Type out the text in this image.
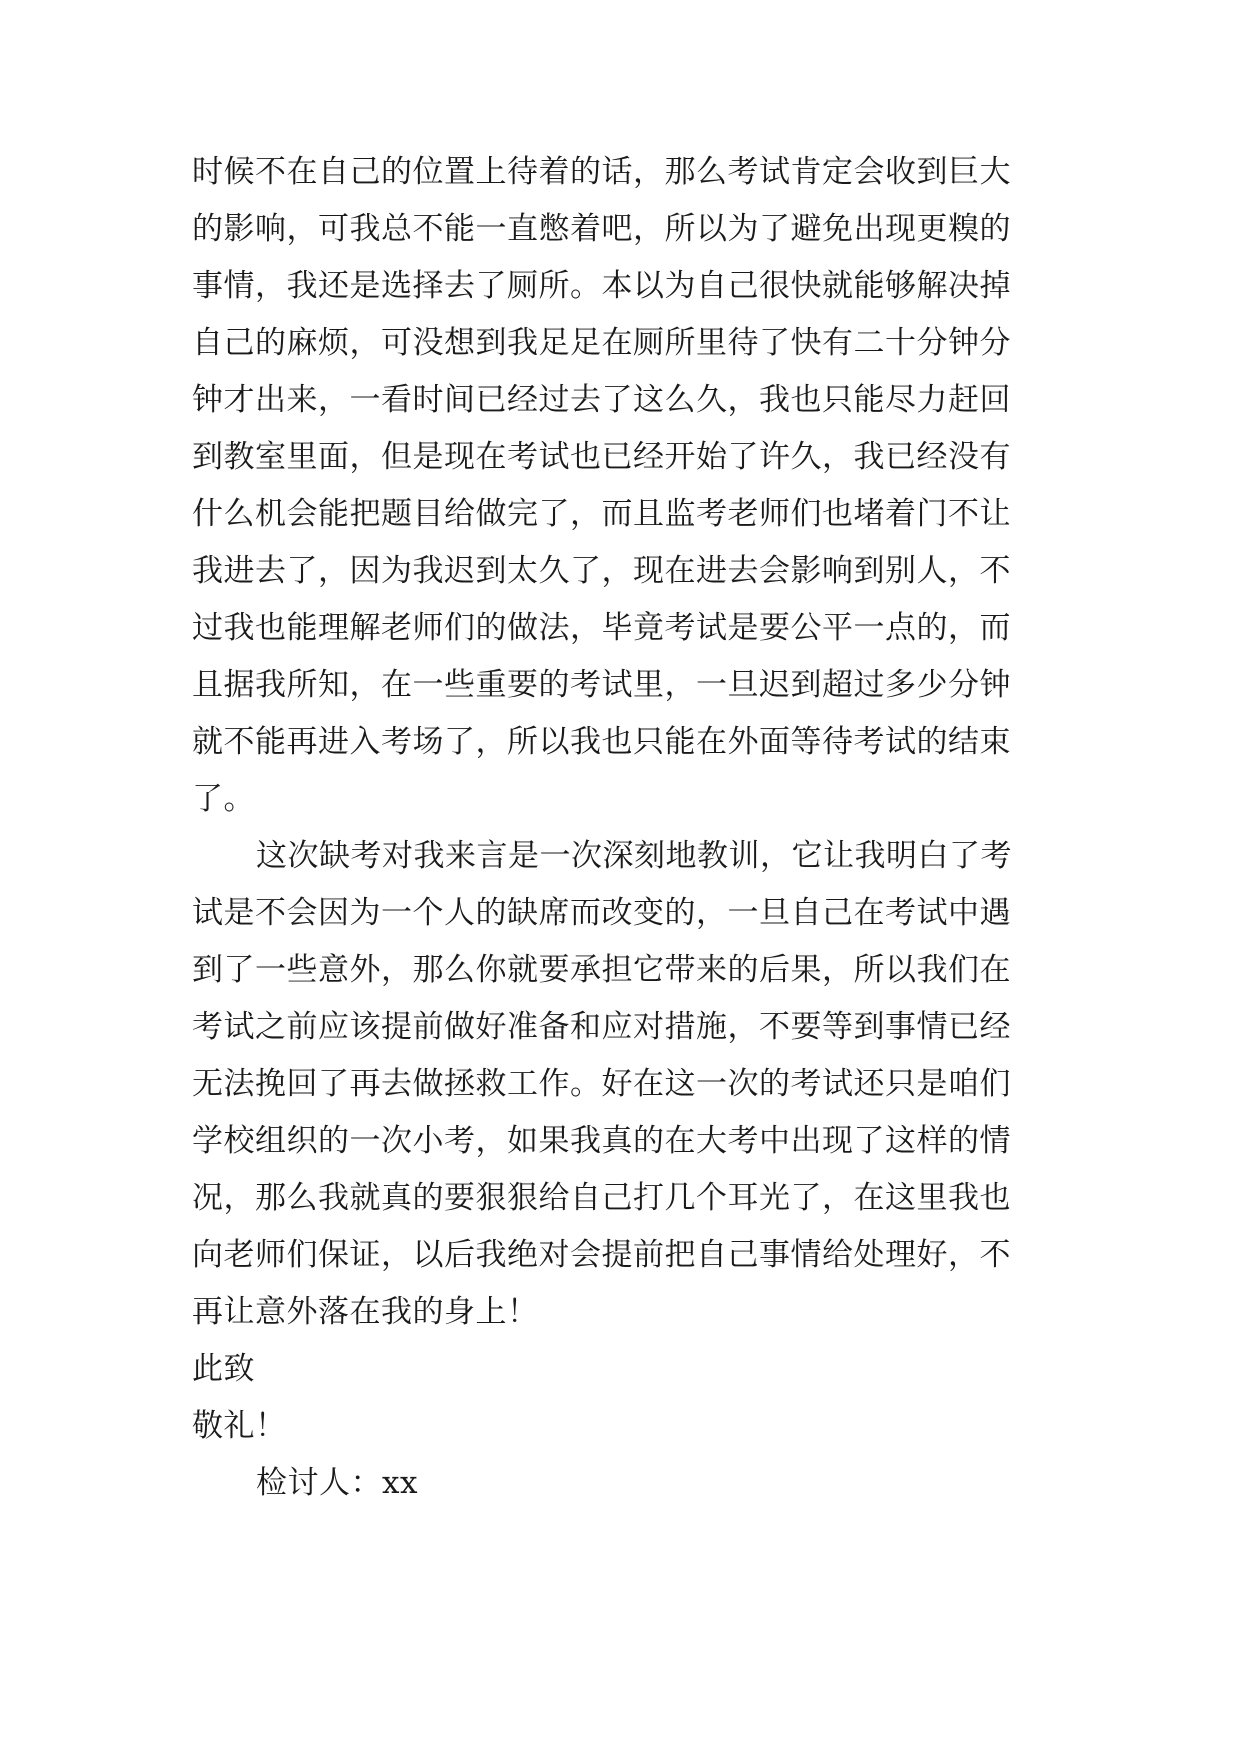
时候不在自己的位置上待着的话，那么考试肯定会收到巨大
的影响，可我总不能一直憋着吧，所以为了避免出现更糗的
事情，我还是选择去了厕所。本以为自己很快就能够解决掉
自己的麻烦，可没想到我足足在厕所里待了快有二十分钟分
钟才出来，一看时间已经过去了这么久，我也只能尽力赶回
到教室里面，但是现在考试也已经开始了许久，我已经没有
什么机会能把题目给做完了，而且监考老师们也堵着门不让
我进去了，因为我迟到太久了，现在进去会影响到别人，不
过我也能理解老师们的做法，毕竟考试是要公平一点的，而
且据我所知，在一些重要的考试里，一旦迟到超过多少分钟
就不能再进入考场了，所以我也只能在外面等待考试的结束
了。
这次缺考对我来言是一次深刻地教训，它让我明白了考
试是不会因为一个人的缺席而改变的，一旦自己在考试中遇
到了一些意外，那么你就要承担它带来的后果，所以我们在
考试之前应该提前做好准备和应对措施，不要等到事情已经
无法挽回了再去做拯救工作。好在这一次的考试还只是咱们
学校组织的一次小考，如果我真的在大考中出现了这样的情
况，那么我就真的要狠狠给自己打几个耳光了，在这里我也
向老师们保证，以后我绝对会提前把自己事情给处理好，不
再让意外落在我的身上！
此致
敬礼！
检讨人：xx
